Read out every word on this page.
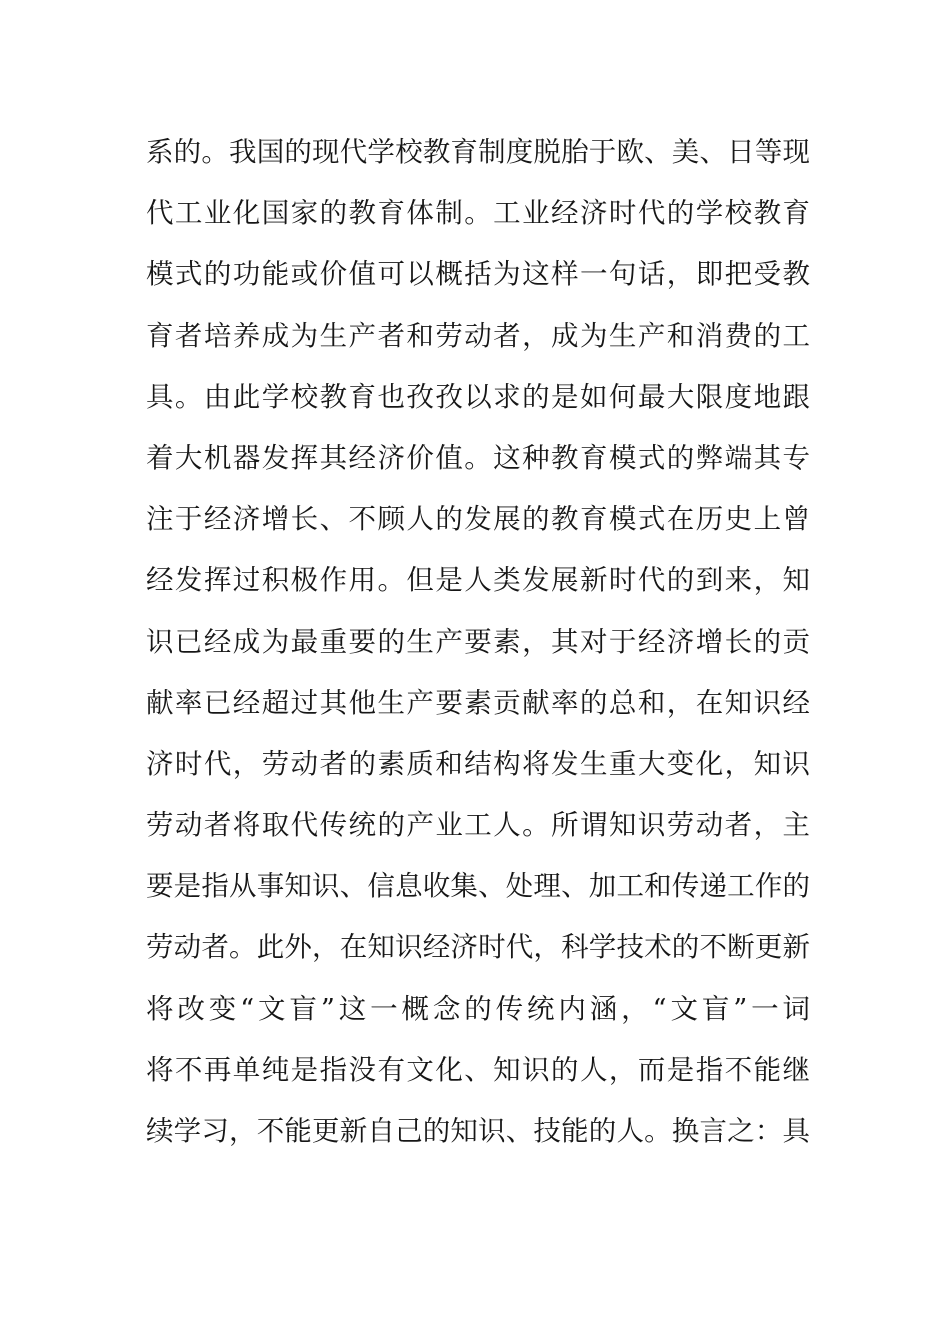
系的。我国的现代学校教育制度脱胎于欧、美、日等现
代工业化国家的教育体制。工业经济时代的学校教育
模式的功能或价值可以概括为这样一句话，即把受教
育者培养成为生产者和劳动者，成为生产和消费的工
具。由此学校教育也孜孜以求的是如何最大限度地跟
着大机器发挥其经济价值。这种教育模式的弊端其专
注于经济增长、不顾人的发展的教育模式在历史上曾
经发挥过积极作用。但是人类发展新时代的到来，知
识已经成为最重要的生产要素，其对于经济增长的贡
献率已经超过其他生产要素贡献率的总和，在知识经
济时代，劳动者的素质和结构将发生重大变化，知识
劳动者将取代传统的产业工人。所谓知识劳动者，主
要是指从事知识、信息收集、处理、加工和传递工作的
劳动者。此外，在知识经济时代，科学技术的不断更新
将改变“文盲”这一概念的传统内涵，“文盲”一词
将不再单纯是指没有文化、知识的人，而是指不能继
续学习，不能更新自己的知识、技能的人。换言之：具
